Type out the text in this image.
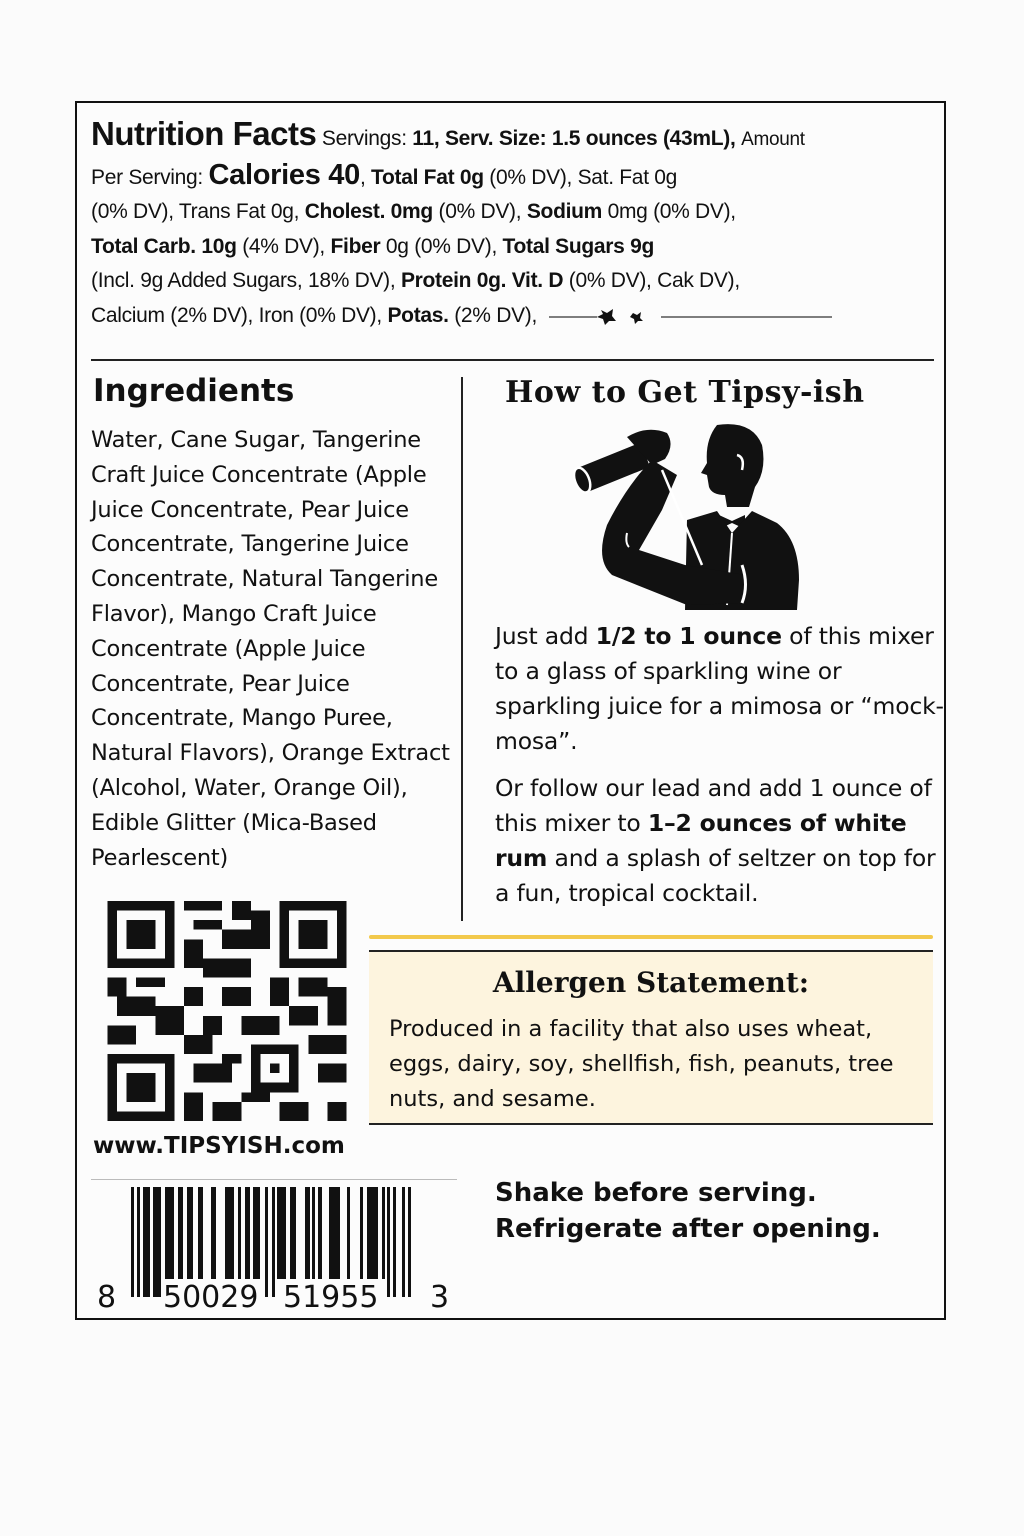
Nutrition Facts Servings: 11, Serv. Size: 1.5 ounces (43mL), Amount
Per Serving: Calories 40, Total Fat 0g (0% DV), Sat. Fat 0g
(0% DV), Trans Fat 0g, Cholest. 0mg (0% DV), Sodium 0mg (0% DV),
Total Carb. 10g (4% DV), Fiber 0g (0% DV), Total Sugars 9g
(Incl. 9g Added Sugars, 18% DV), Protein 0g. Vit. D (0% DV), Cak DV),
Calcium (2% DV), Iron (0% DV), Potas. (2% DV),
Ingredients
Water, Cane Sugar, Tangerine Craft Juice Concentrate (Apple Juice Concentrate, Pear Juice Concentrate, Tangerine Juice Concentrate, Natural Tangerine Flavor), Mango Craft Juice Concentrate (Apple Juice Concentrate, Pear Juice Concentrate, Mango Puree, Natural Flavors), Orange Extract (Alcohol, Water, Orange Oil), Edible Glitter (Mica-Based Pearlescent)
How to Get Tipsy-ish

Just add 1/2 to 1 ounce of this mixer to a glass of sparkling wine or sparkling juice for a mimosa or “mock-mosa”.

Or follow our lead and add 1 ounce of this mixer to 1–2 ounces of white rum and a splash of seltzer on top for a fun, tropical cocktail.

www.TIPSYISH.com
Allergen Statement:
Produced in a facility that also uses wheat, eggs, dairy, soy, shellfish, fish, peanuts, tree nuts, and sesame.
8 50029 51955 3
Shake before serving.
Refrigerate after opening.
